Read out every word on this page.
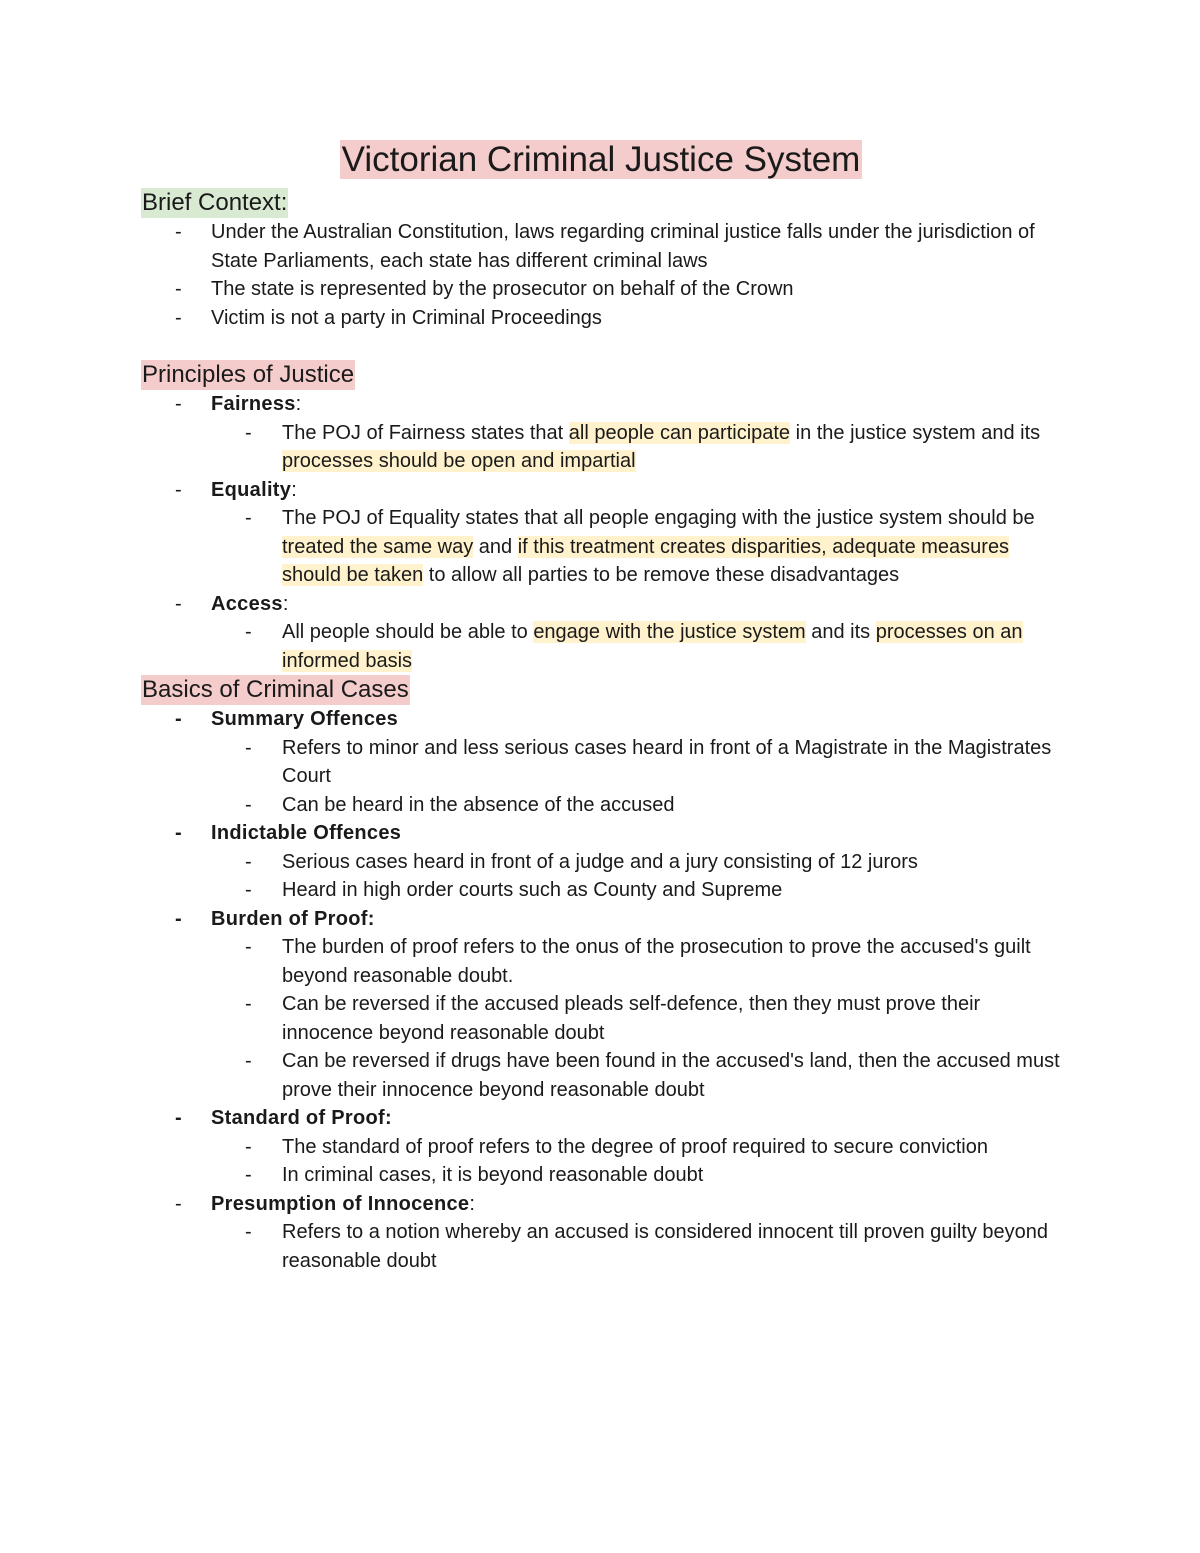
Victorian Criminal Justice System
Brief Context:
- Under the Australian Constitution, laws regarding criminal justice falls under the jurisdiction of State Parliaments, each state has different criminal laws
- The state is represented by the prosecutor on behalf of the Crown
- Victim is not a party in Criminal Proceedings
Principles of Justice
- Fairness:
- The POJ of Fairness states that all people can participate in the justice system and its processes should be open and impartial
- Equality:
- The POJ of Equality states that all people engaging with the justice system should be treated the same way and if this treatment creates disparities, adequate measures should be taken to allow all parties to be remove these disadvantages
- Access:
- All people should be able to engage with the justice system and its processes on an informed basis
Basics of Criminal Cases
- Summary Offences
- Refers to minor and less serious cases heard in front of a Magistrate in the Magistrates Court
- Can be heard in the absence of the accused
- Indictable Offences
- Serious cases heard in front of a judge and a jury consisting of 12 jurors
- Heard in high order courts such as County and Supreme
- Burden of Proof:
- The burden of proof refers to the onus of the prosecution to prove the accused's guilt beyond reasonable doubt.
- Can be reversed if the accused pleads self-defence, then they must prove their innocence beyond reasonable doubt
- Can be reversed if drugs have been found in the accused's land, then the accused must prove their innocence beyond reasonable doubt
- Standard of Proof:
- The standard of proof refers to the degree of proof required to secure conviction
- In criminal cases, it is beyond reasonable doubt
- Presumption of Innocence:
- Refers to a notion whereby an accused is considered innocent till proven guilty beyond reasonable doubt
